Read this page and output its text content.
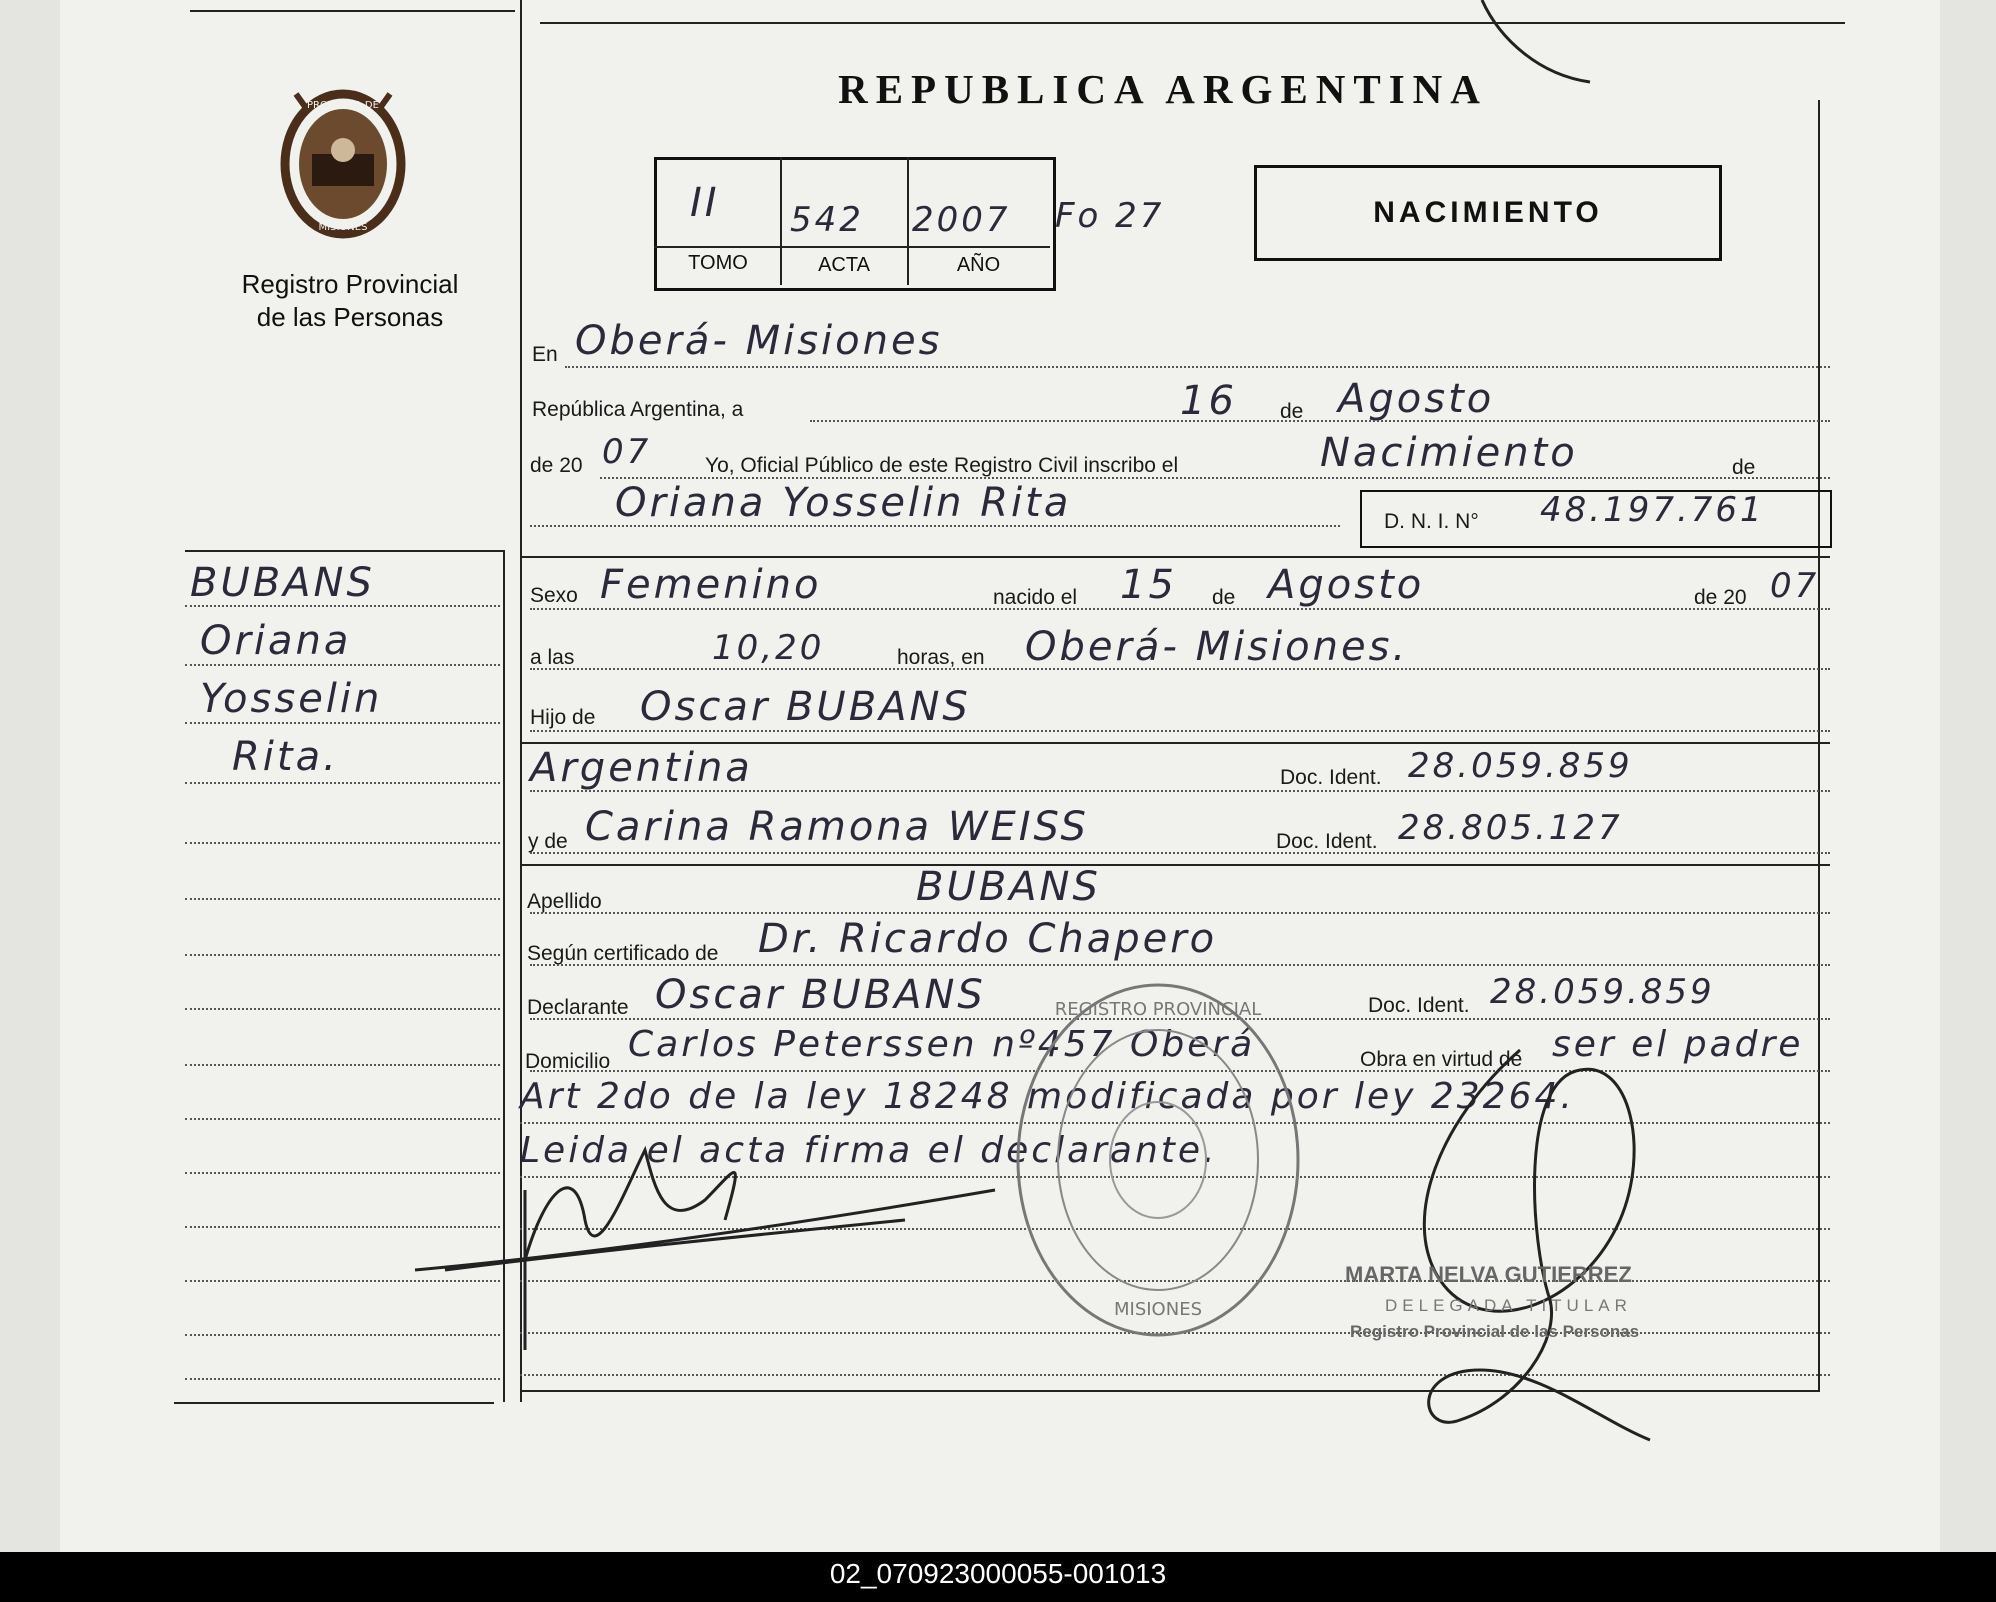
PROVINCIA DE
MISIONES
Registro Provincial
de las Personas
REPUBLICA ARGENTINA
II 542 2007
TOMO	ACTA	AÑO
Fo 27	NACIMIENTO
En Oberá- Misiones
República Argentina, a	16 de Agosto
de 20 07	Yo, Oficial Público de este Registro Civil inscribo el	Nacimiento	de
Oriana Yosselin Rita	D. N. I. N° 48.197.761
Sexo Femenino	nacido el 15 de Agosto	de 20 07
a las	10,20	horas, en Oberá- Misiones.
Hijo de Oscar BUBANS
Argentina	Doc. Ident. 28.059.859
y de Carina Ramona WEISS	Doc. Ident. 28.805.127
Apellido	BUBANS
Según certificado de Dr. Ricardo Chapero
Declarante Oscar BUBANS	Doc. Ident. 28.059.859
Domicilio Carlos Peterssen nº457 Oberá	Obra en virtud de ser el padre
Art 2do de la ley 18248 modificada por ley 23264.
Leida el acta firma el declarante.
BUBANS
Oriana
Yosselin
Rita.
REGISTRO PROVINCIAL
MISIONES
MARTA NELVA GUTIERREZ
DELEGADA TITULAR
Registro Provincial de las Personas
02_070923000055-001013
